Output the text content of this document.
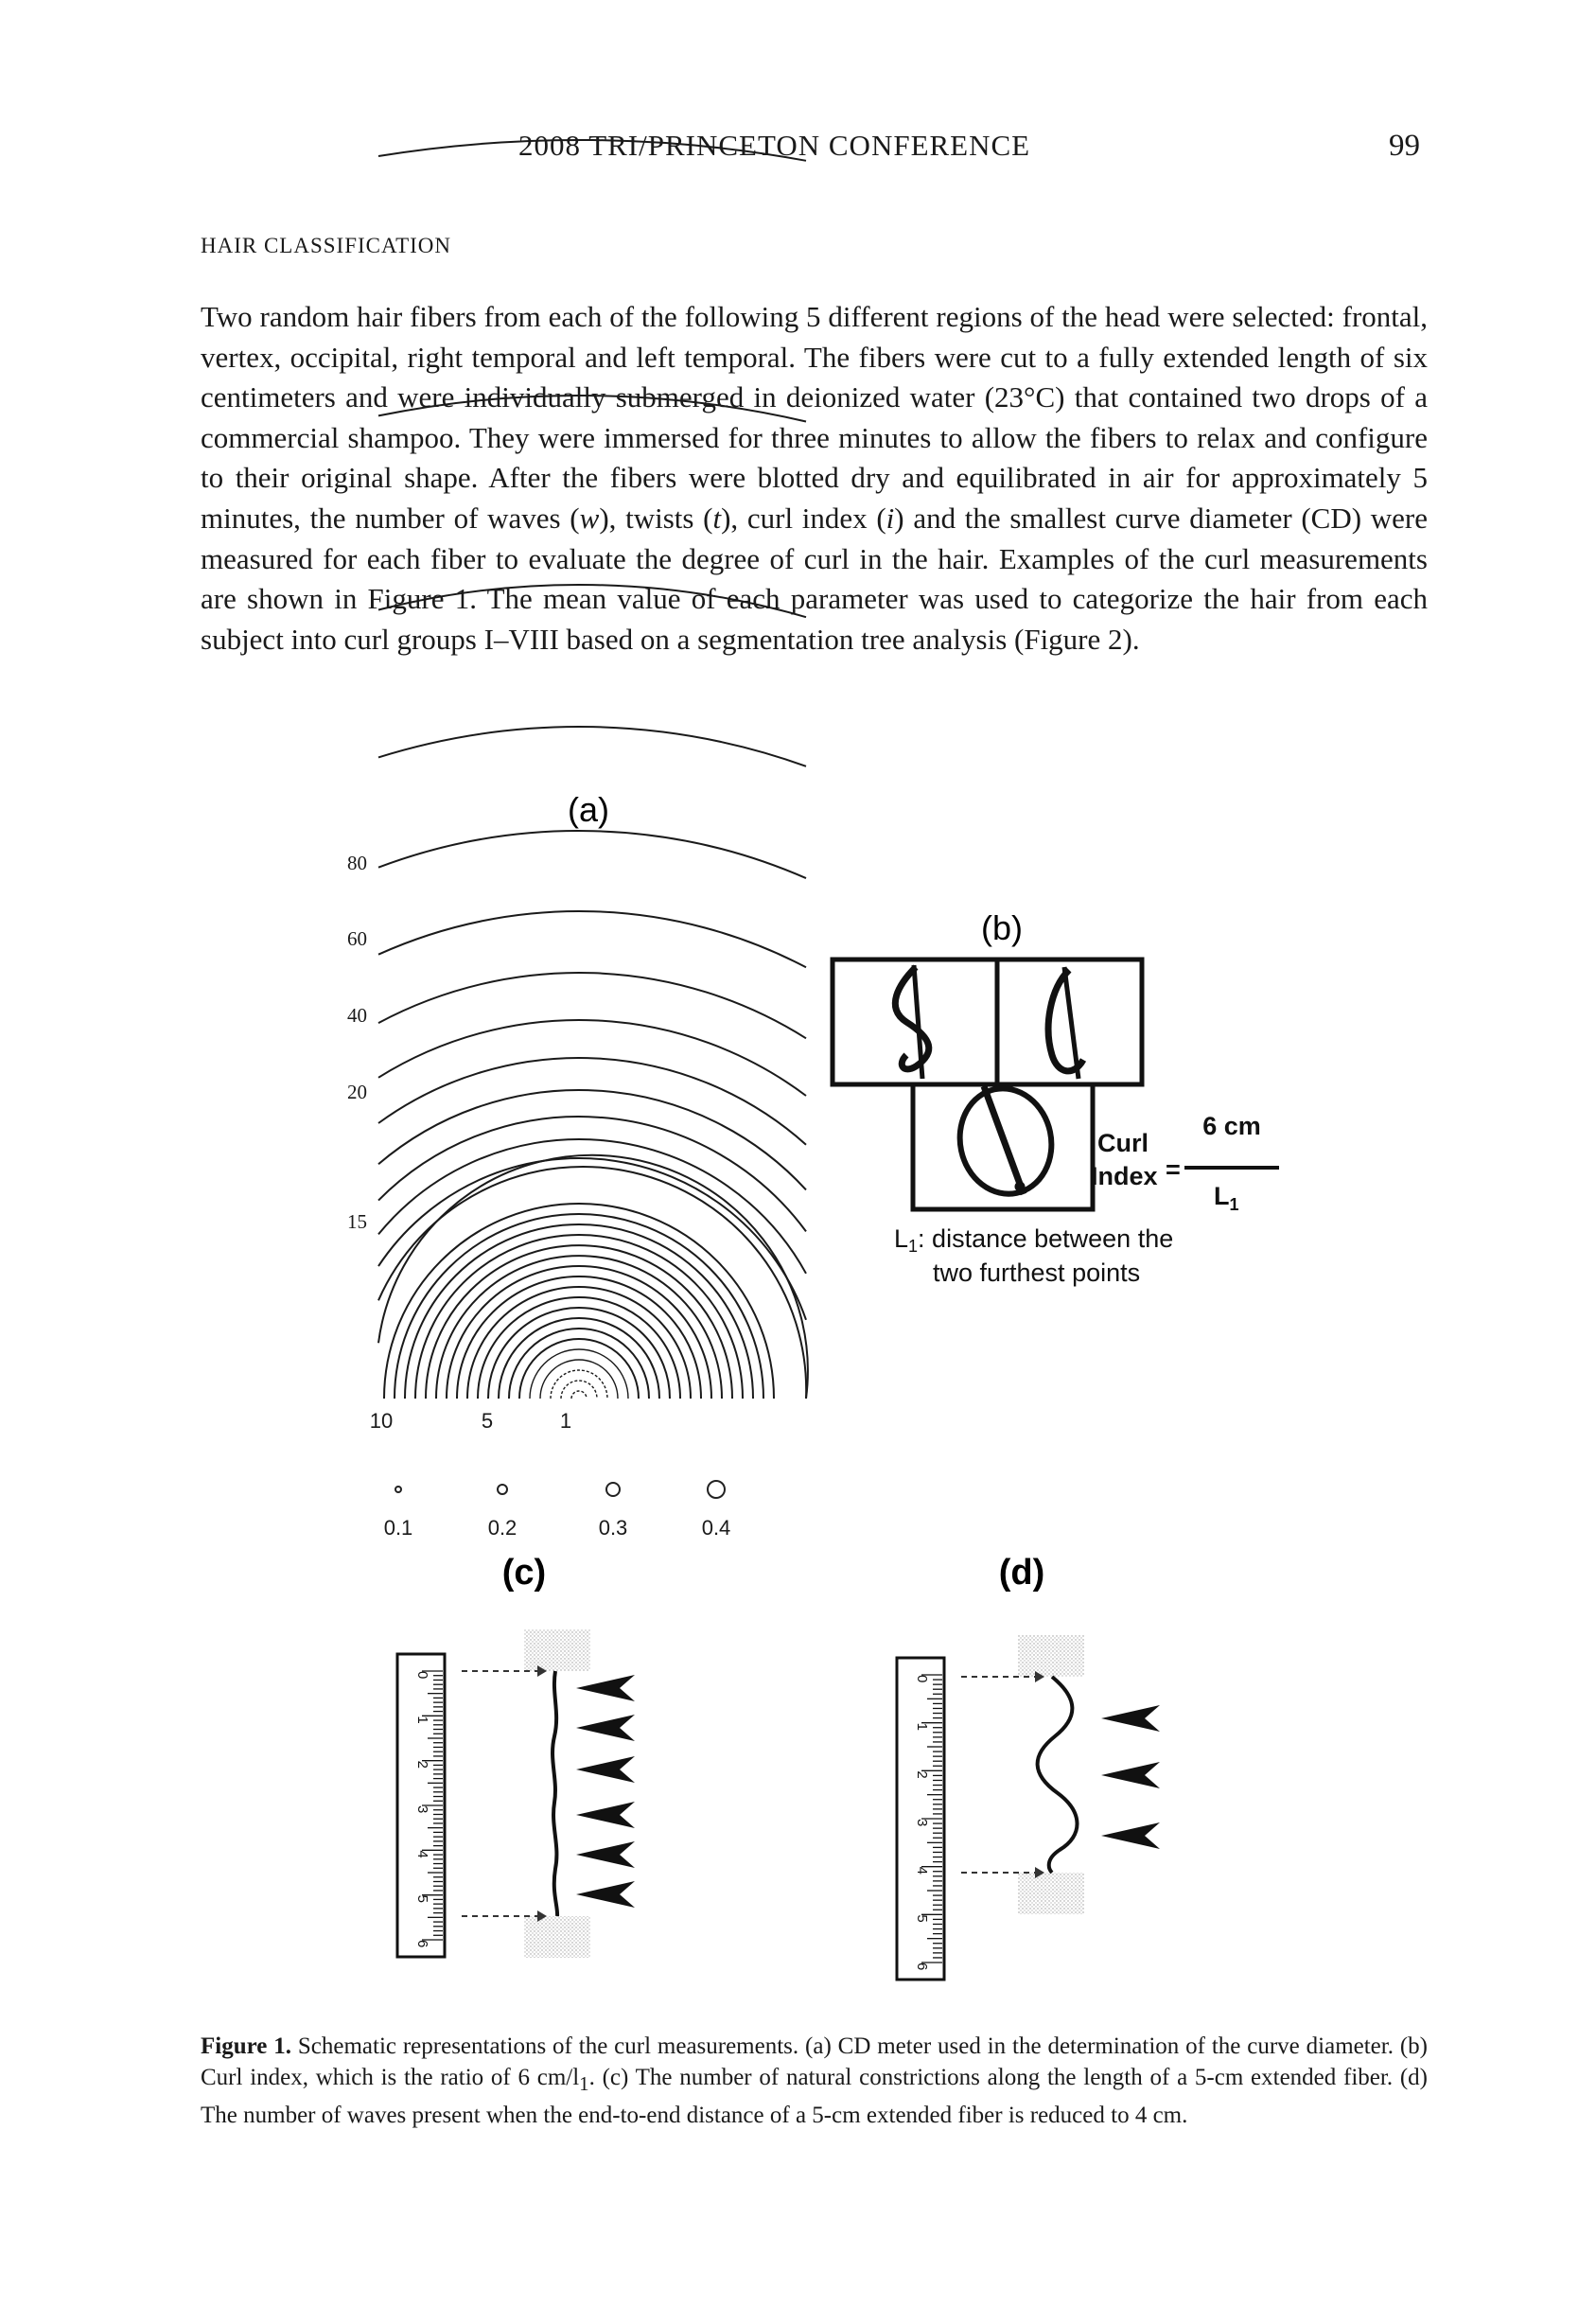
2008 TRI/PRINCETON CONFERENCE	99
HAIR CLASSIFICATION
Two random hair fibers from each of the following 5 different regions of the head were selected: frontal, vertex, occipital, right temporal and left temporal. The fibers were cut to a fully extended length of six centimeters and were individually submerged in deionized water (23°C) that contained two drops of a commercial shampoo. They were immersed for three minutes to allow the fibers to relax and configure to their original shape. After the fibers were blotted dry and equilibrated in air for approximately 5 minutes, the number of waves (w), twists (t), curl index (i) and the smallest curve diameter (CD) were measured for each fiber to evaluate the degree of curl in the hair. Examples of the curl measurements are shown in Figure 1. The mean value of each parameter was used to categorize the hair from each subject into curl groups I–VIII based on a segmentation tree analysis (Figure 2).
(a)
80
60
40
20
15
10	5	1
0.1	0.2	0.3	0.4
(b)
Curl
Index =
6 cm
$L_1$
L1: distance between the
two furthest points
(c)
0
1
2
3
4
5
6
(d)
0
1
2
3
4
5
6
Figure 1. Schematic representations of the curl measurements. (a) CD meter used in the determination of the curve diameter. (b) Curl index, which is the ratio of 6 $cm/l_1$. (c) The number of natural constrictions along the length of a 5-cm extended fiber. (d) The number of waves present when the end-to-end distance of a 5-cm extended fiber is reduced to 4 cm.
